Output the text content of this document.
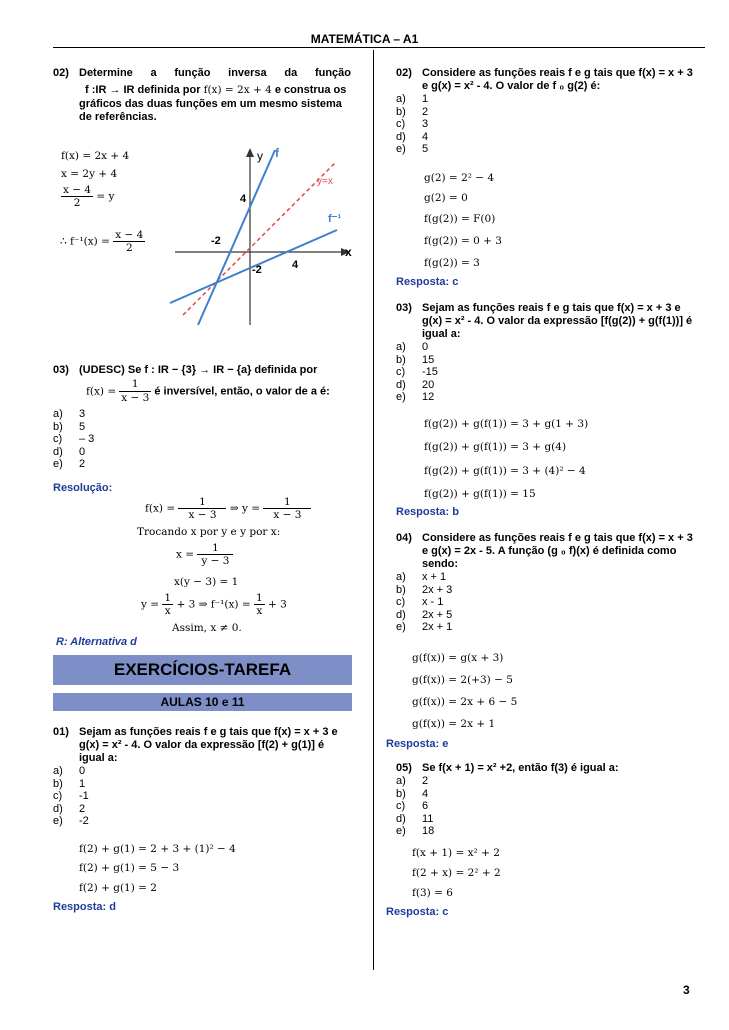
MATEMÁTICA – A1
02) Determine a função inversa da função
f :IR → IR definida por f(x) = 2x + 4 e construa os
gráficos das duas funções em um mesmo sistema
de referências.
f(x) = 2x + 4
x = 2y + 4
$\frac{x - 4}{2} = y$
∴ $f^{-1}(x) = \frac{x - 4}{2}$
y f
y=x
f⁻¹
x
4
-2
-2	4
03) (UDESC) Se f : IR − {3} → IR − {a} definida por
$f(x) = \frac{1}{x - 3}$ é inversível, então, o valor de a é:
a) 3
b) 5
c) – 3
d) 0
e) 2
Resolução:
$f(x) = \frac{1}{x - 3}$ ⇒ $y = \frac{1}{x - 3}$
Trocando x por y e y por x:
$x = \frac{1}{y - 3}$
x(y − 3) = 1
$y = \frac{1}{x} + 3$ ⇒ $f^{-1}(x) = \frac{1}{x} + 3$
Assim, x ≠ 0.
R: Alternativa d
EXERCÍCIOS-TAREFA
AULAS 10 e 11
01) Sejam as funções reais f e g tais que f(x) = x + 3 e
g(x) = x² - 4. O valor da expressão [f(2) + g(1)] é
igual a:
a) 0
b) 1
c) -1
d) 2
e) -2
f(2) + g(1) = 2 + 3 + (1)² − 4
f(2) + g(1) = 5 − 3
f(2) + g(1) = 2
Resposta: d
02) Considere as funções reais f e g tais que f(x) = x + 3
e g(x) = x² - 4. O valor de f ₀ g(2) é:
a) 1
b) 2
c) 3
d) 4
e) 5
g(2) = 2² − 4
g(2) = 0
f(g(2)) = F(0)
f(g(2)) = 0 + 3
f(g(2)) = 3
Resposta: c
03) Sejam as funções reais f e g tais que f(x) = x + 3 e
g(x) = x² - 4. O valor da expressão [f(g(2)) + g(f(1))] é
igual a:
a) 0
b) 15
c) -15
d) 20
e) 12
f(g(2)) + g(f(1)) = 3 + g(1 + 3)
f(g(2)) + g(f(1)) = 3 + g(4)
f(g(2)) + g(f(1)) = 3 + (4)² − 4
f(g(2)) + g(f(1)) = 15
Resposta: b
04) Considere as funções reais f e g tais que f(x) = x + 3
e g(x) = 2x - 5. A função (g ₀ f)(x) é definida como
sendo:
a) x + 1
b) 2x + 3
c) x - 1
d) 2x + 5
e) 2x + 1
g(f(x)) = g(x + 3)
g(f(x)) = 2(+3) − 5
g(f(x)) = 2x + 6 − 5
g(f(x)) = 2x + 1
Resposta: e
05) Se f(x + 1) = x² +2, então f(3) é igual a:
a) 2
b) 4
c) 6
d) 11
e) 18
f(x + 1) = x² + 2
f(2 + x) = 2² + 2
f(3) = 6
Resposta: c
3
